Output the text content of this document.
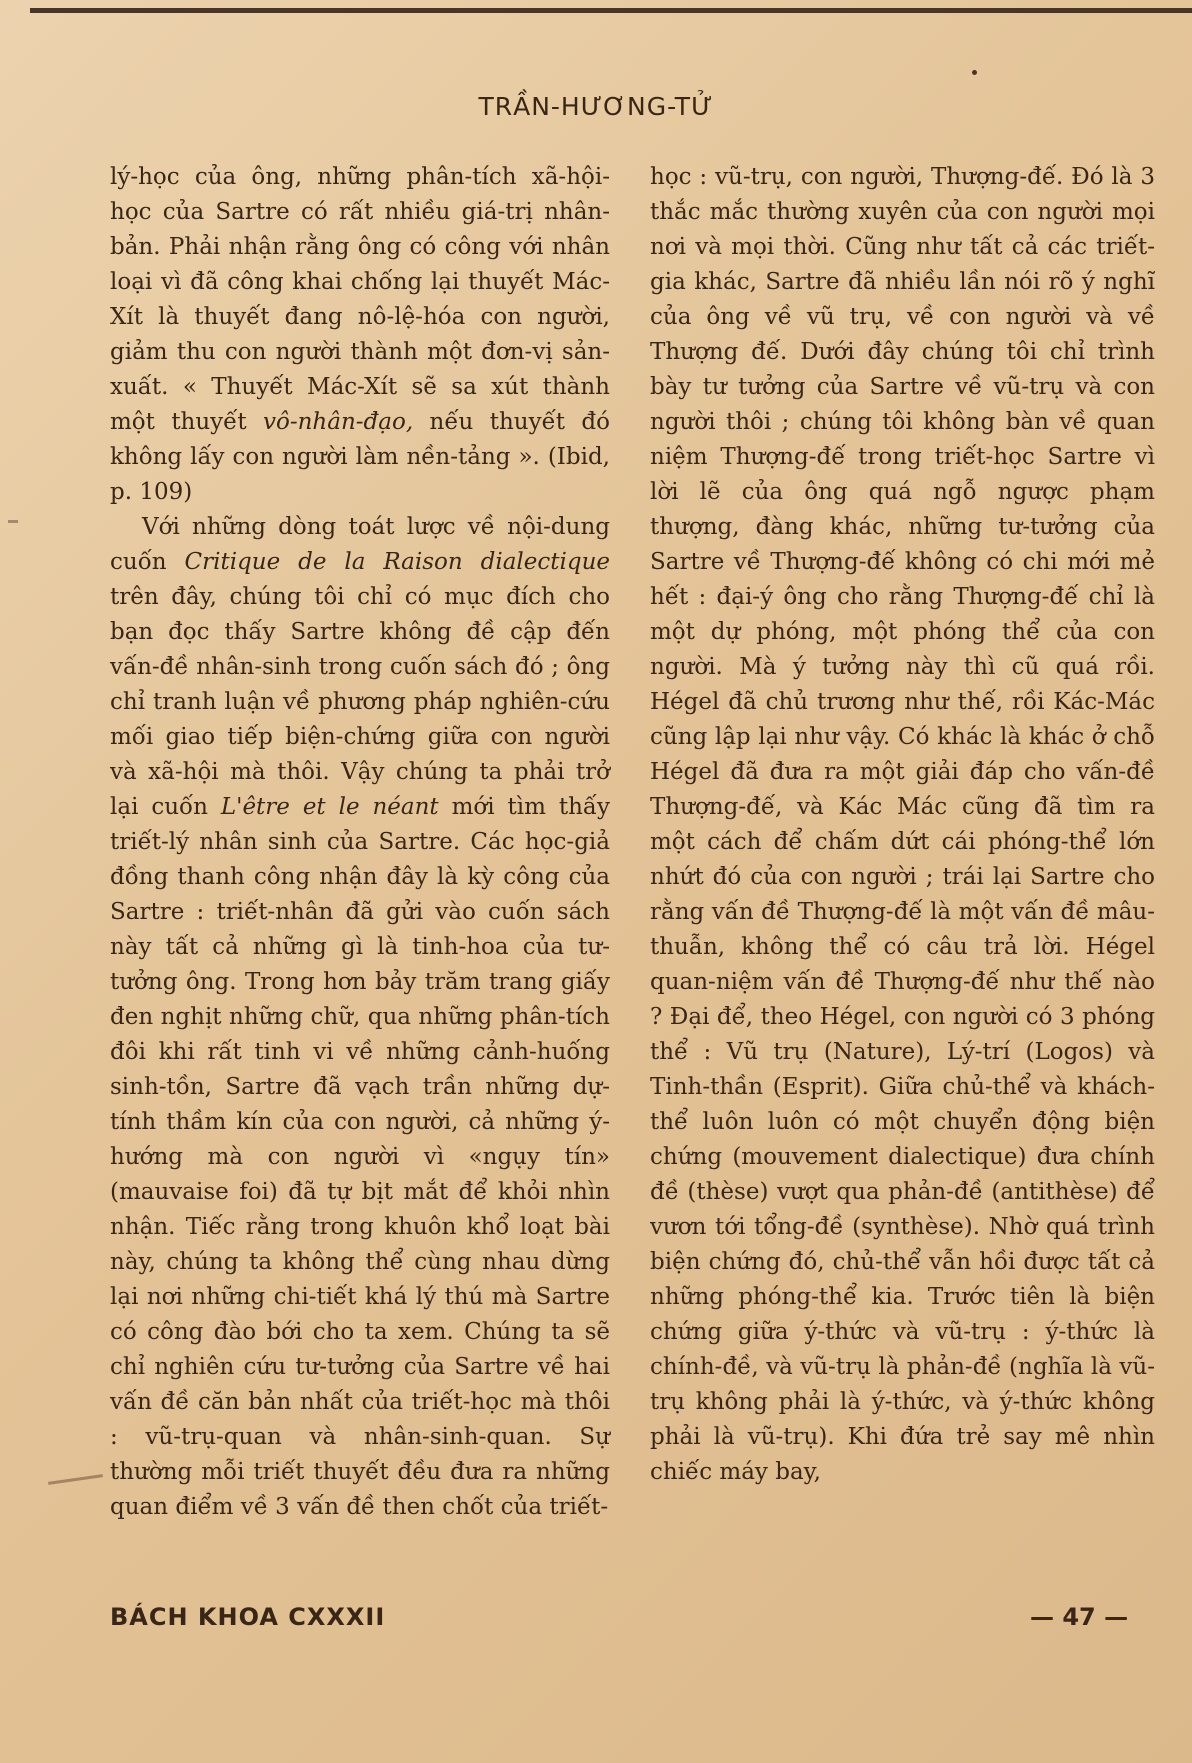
TRẦN-HƯƠNG-TỬ

lý-học của ông, những phân-tích xã-hội-học của Sartre có rất nhiều giá-trị nhân-bản. Phải nhận rằng ông có công với nhân loại vì đã công khai chống lại thuyết Mác-Xít là thuyết đang nô-lệ-hóa con người, giảm thu con người thành một đơn-vị sản-xuất. « Thuyết Mác-Xít sẽ sa xút thành một thuyết vô-nhân-đạo, nếu thuyết đó không lấy con người làm nền-tảng ». (Ibid, p. 109)

Với những dòng toát lược về nội-dung cuốn Critique de la Raison dialectique trên đây, chúng tôi chỉ có mục đích cho bạn đọc thấy Sartre không đề cập đến vấn-đề nhân-sinh trong cuốn sách đó ; ông chỉ tranh luận về phương pháp nghiên-cứu mối giao tiếp biện-chứng giữa con người và xã-hội mà thôi. Vậy chúng ta phải trở lại cuốn L'être et le néant mới tìm thấy triết-lý nhân sinh của Sartre. Các học-giả đồng thanh công nhận đây là kỳ công của Sartre : triết-nhân đã gửi vào cuốn sách này tất cả những gì là tinh-hoa của tư-tưởng ông. Trong hơn bảy trăm trang giấy đen nghịt những chữ, qua những phân-tích đôi khi rất tinh vi về những cảnh-huống sinh-tồn, Sartre đã vạch trần những dự-tính thầm kín của con người, cả những ý-hướng mà con người vì «ngụy tín» (mauvaise foi) đã tự bịt mắt để khỏi nhìn nhận. Tiếc rằng trong khuôn khổ loạt bài này, chúng ta không thể cùng nhau dừng lại nơi những chi-tiết khá lý thú mà Sartre có công đào bới cho ta xem. Chúng ta sẽ chỉ nghiên cứu tư-tưởng của Sartre về hai vấn đề căn bản nhất của triết-học mà thôi : vũ-trụ-quan và nhân-sinh-quan. Sự thường mỗi triết thuyết đều đưa ra những quan điểm về 3 vấn đề then chốt của triết-

học : vũ-trụ, con người, Thượng-đế. Đó là 3 thắc mắc thường xuyên của con người mọi nơi và mọi thời. Cũng như tất cả các triết-gia khác, Sartre đã nhiều lần nói rõ ý nghĩ của ông về vũ trụ, về con người và về Thượng đế. Dưới đây chúng tôi chỉ trình bày tư tưởng của Sartre về vũ-trụ và con người thôi ; chúng tôi không bàn về quan niệm Thượng-đế trong triết-học Sartre vì lời lẽ của ông quá ngỗ ngược phạm thượng, đàng khác, những tư-tưởng của Sartre về Thượng-đế không có chi mới mẻ hết : đại-ý ông cho rằng Thượng-đế chỉ là một dự phóng, một phóng thể của con người. Mà ý tưởng này thì cũ quá rồi. Hégel đã chủ trương như thế, rồi Kác-Mác cũng lập lại như vậy. Có khác là khác ở chỗ Hégel đã đưa ra một giải đáp cho vấn-đề Thượng-đế, và Kác Mác cũng đã tìm ra một cách để chấm dứt cái phóng-thể lớn nhứt đó của con người ; trái lại Sartre cho rằng vấn đề Thượng-đế là một vấn đề mâu-thuẫn, không thể có câu trả lời. Hégel quan-niệm vấn đề Thượng-đế như thế nào ? Đại để, theo Hégel, con người có 3 phóng thể : Vũ trụ (Nature), Lý-trí (Logos) và Tinh-thần (Esprit). Giữa chủ-thể và khách-thể luôn luôn có một chuyển động biện chứng (mouvement dialectique) đưa chính đề (thèse) vượt qua phản-đề (antithèse) để vươn tới tổng-đề (synthèse). Nhờ quá trình biện chứng đó, chủ-thể vẫn hồi được tất cả những phóng-thể kia. Trước tiên là biện chứng giữa ý-thức và vũ-trụ : ý-thức là chính-đề, và vũ-trụ là phản-đề (nghĩa là vũ-trụ không phải là ý-thức, và ý-thức không phải là vũ-trụ). Khi đứa trẻ say mê nhìn chiếc máy bay,

BÁCH KHOA CXXXII	— 47 —
